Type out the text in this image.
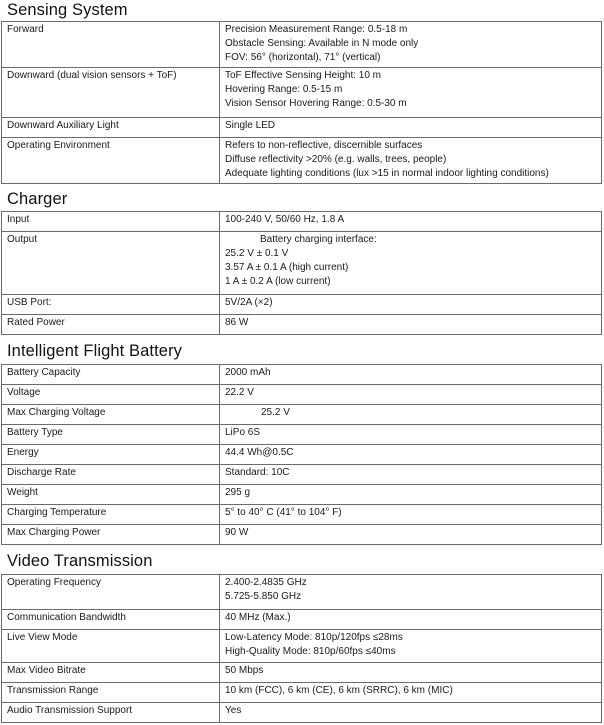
Sensing System
Forward	Precision Measurement Range: 0.5-18 m
Obstacle Sensing: Available in N mode only
FOV: 56° (horizontal), 71° (vertical)

Downward (dual vision sensors + ToF)	ToF Effective Sensing Height: 10 m
Hovering Range: 0.5-15 m
Vision Sensor Hovering Range: 0.5-30 m

Downward Auxiliary Light	Single LED

Operating Environment	Refers to non-reflective, discernible surfaces
Diffuse reflectivity >20% (e.g. walls, trees, people)
Adequate lighting conditions (lux >15 in normal indoor lighting conditions)
Charger
Input	100-240 V, 50/60 Hz, 1.8 A

Output	Battery charging interface:
25.2 V ± 0.1 V
3.57 A ± 0.1 A (high current)
1 A ± 0.2 A (low current)

USB Port:	5V/2A (×2)

Rated Power	86 W
Intelligent Flight Battery
Battery Capacity	2000 mAh

Voltage	22.2 V

Max Charging Voltage	25.2 V

Battery Type	LiPo 6S

Energy	44.4 Wh@0.5C

Discharge Rate	Standard: 10C

Weight	295 g

Charging Temperature	5° to 40° C (41° to 104° F)

Max Charging Power	90 W
Video Transmission
Operating Frequency	2.400-2.4835 GHz
5.725-5.850 GHz

Communication Bandwidth	40 MHz (Max.)

Live View Mode	Low-Latency Mode: 810p/120fps ≤28ms
High-Quality Mode: 810p/60fps ≤40ms

Max Video Bitrate	50 Mbps

Transmission Range	10 km (FCC), 6 km (CE), 6 km (SRRC), 6 km (MIC)

Audio Transmission Support	Yes
